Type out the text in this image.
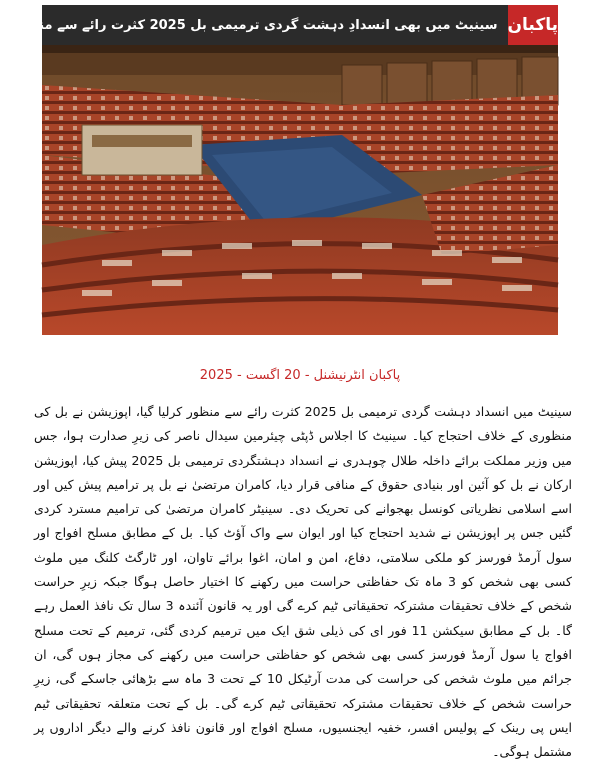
پاکبان
سینیٹ میں بھی انسدادِ دہشت گردی ترمیمی بل 2025 کثرت رائے سے منظور
پاکبان انٹرنیشنل - 20 اگست - 2025
سینیٹ میں انسداد دہشت گردی ترمیمی بل 2025 کثرت رائے سے منظور کرلیا گیا، اپوزیشن نے بل کی منظوری کے خلاف احتجاج کیا۔ سینیٹ کا اجلاس ڈپٹی چیئرمین سیدال ناصر کی زیرِ صدارت ہوا، جس میں وزیر مملکت برائے داخلہ طلال چوہدری نے انسداد دہشتگردی ترمیمی بل 2025 پیش کیا، اپوزیشن ارکان نے بل کو آئین اور بنیادی حقوق کے منافی قرار دیا، کامران مرتضیٰ نے بل پر ترامیم پیش کیں اور اسے اسلامی نظریاتی کونسل بھجوانے کی تحریک دی۔ سینیٹر کامران مرتضیٰ کی ترامیم مسترد کردی گئیں جس پر اپوزیشن نے شدید احتجاج کیا اور ایوان سے واک آؤٹ کیا۔ بل کے مطابق مسلح افواج اور سول آرمڈ فورسز کو ملکی سلامتی، دفاع، امن و امان، اغوا برائے تاوان، اور ٹارگٹ کلنگ میں ملوث کسی بھی شخص کو 3 ماہ تک حفاظتی حراست میں رکھنے کا اختیار حاصل ہوگا جبکہ زیرِ حراست شخص کے خلاف تحقیقات مشترکہ تحقیقاتی ٹیم کرے گی اور یہ قانون آئندہ 3 سال تک نافذ العمل رہے گا۔ بل کے مطابق سیکشن 11 فور ای کی ذیلی شق ایک میں ترمیم کردی گئی، ترمیم کے تحت مسلح افواج یا سول آرمڈ فورسز کسی بھی شخص کو حفاظتی حراست میں رکھنے کی مجاز ہوں گی، ان جرائم میں ملوث شخص کی حراست کی مدت آرٹیکل 10 کے تحت 3 ماہ سے بڑھائی جاسکے گی، زیرِ حراست شخص کے خلاف تحقیقات مشترکہ تحقیقاتی ٹیم کرے گی۔ بل کے تحت متعلقہ تحقیقاتی ٹیم ایس پی رینک کے پولیس افسر، خفیہ ایجنسیوں، مسلح افواج اور قانون نافذ کرنے والے دیگر اداروں پر مشتمل ہوگی۔
